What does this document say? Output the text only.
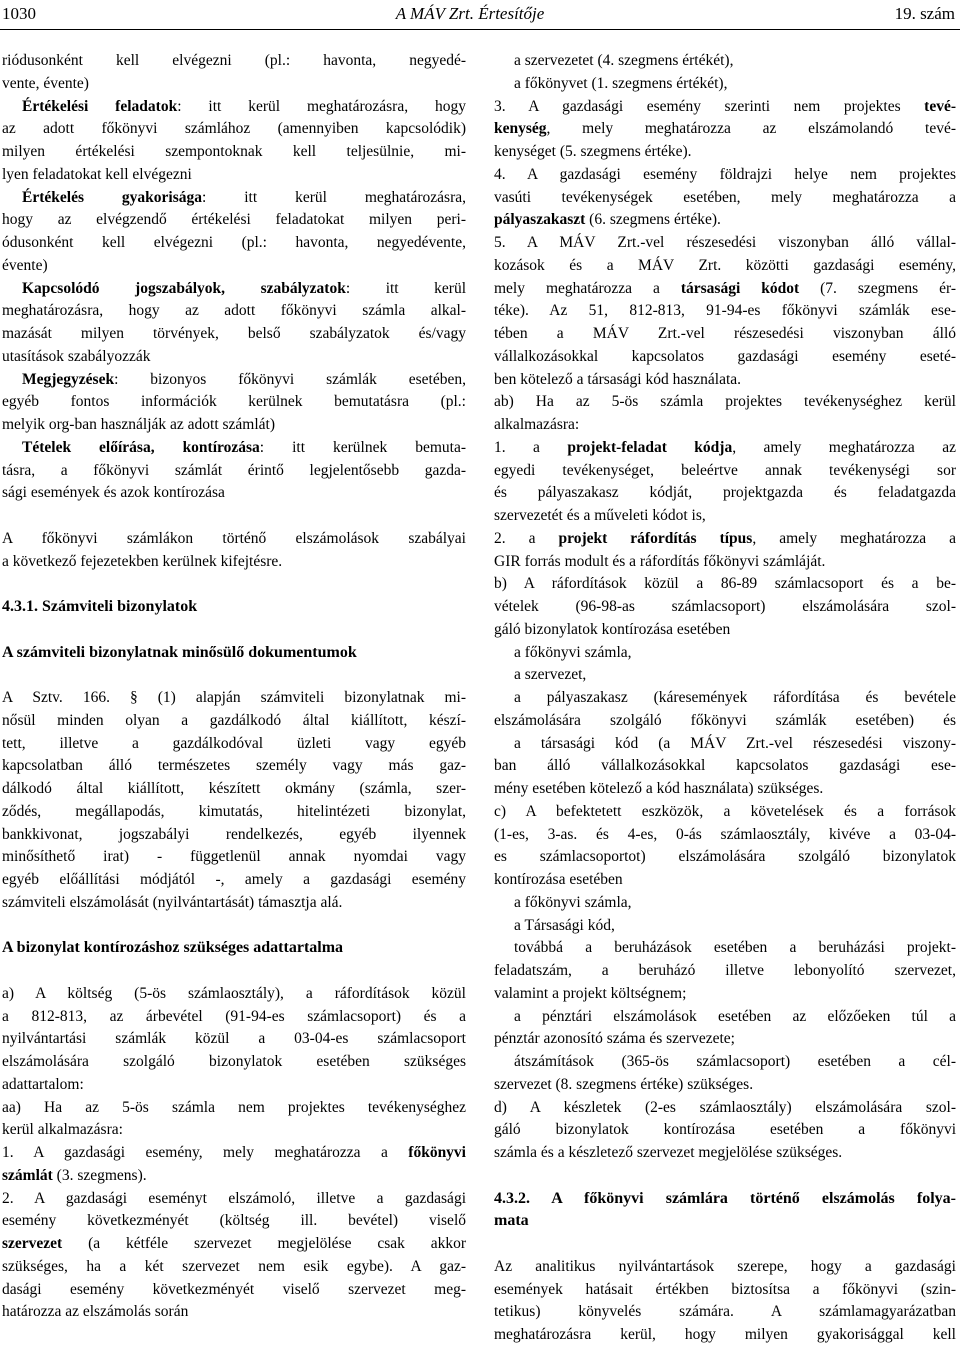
1030	A MÁV Zrt. Értesítője	19. szám
riódusonként kell elvégezni (pl.: havonta, negyedé-
vente, évente)
Értékelési feladatok: itt kerül meghatározásra, hogy
az adott főkönyvi számlához (amennyiben kapcsolódik)
milyen értékelési szempontoknak kell teljesülnie, mi-
lyen feladatokat kell elvégezni
Értékelés gyakorisága: itt kerül meghatározásra,
hogy az elvégzendő értékelési feladatokat milyen peri-
ódusonként kell elvégezni (pl.: havonta, negyedévente,
évente)
Kapcsolódó jogszabályok, szabályzatok: itt kerül
meghatározásra, hogy az adott főkönyvi számla alkal-
mazását milyen törvények, belső szabályzatok és/vagy
utasítások szabályozzák
Megjegyzések: bizonyos főkönyvi számlák esetében,
egyéb fontos információk kerülnek bemutatásra (pl.:
melyik org-ban használják az adott számlát)
Tételek előírása, kontírozása: itt kerülnek bemuta-
tásra, a főkönyvi számlát érintő legjelentősebb gazda-
sági események és azok kontírozása
A főkönyvi számlákon történő elszámolások szabályai
a következő fejezetekben kerülnek kifejtésre.
4.3.1. Számviteli bizonylatok
A számviteli bizonylatnak minősülő dokumentumok
A Sztv. 166. § (1) alapján számviteli bizonylatnak mi-
nősül minden olyan a gazdálkodó által kiállított, készí-
tett, illetve a gazdálkodóval üzleti vagy egyéb
kapcsolatban álló természetes személy vagy más gaz-
dálkodó által kiállított, készített okmány (számla, szer-
ződés, megállapodás, kimutatás, hitelintézeti bizonylat,
bankkivonat, jogszabályi rendelkezés, egyéb ilyennek
minősíthető irat) - függetlenül annak nyomdai vagy
egyéb előállítási módjától -, amely a gazdasági esemény
számviteli elszámolását (nyilvántartását) támasztja alá.
A bizonylat kontírozáshoz szükséges adattartalma
a) A költség (5-ös számlaosztály), a ráfordítások közül
a 812-813, az árbevétel (91-94-es számlacsoport) és a
nyilvántartási számlák közül a 03-04-es számlacsoport
elszámolására szolgáló bizonylatok esetében szükséges
adattartalom:
aa) Ha az 5-ös számla nem projektes tevékenységhez
kerül alkalmazásra:
1. A gazdasági esemény, mely meghatározza a főkönyvi
számlát (3. szegmens).
2. A gazdasági eseményt elszámoló, illetve a gazdasági
esemény következményét (költség ill. bevétel) viselő
szervezet (a kétféle szervezet megjelölése csak akkor
szükséges, ha a két szervezet nem esik egybe). A gaz-
dasági esemény következményét viselő szervezet meg-
határozza az elszámolás során
a szervezetet (4. szegmens értékét),
a főkönyvet (1. szegmens értékét),
3. A gazdasági esemény szerinti nem projektes tevé-
kenység, mely meghatározza az elszámolandó tevé-
kenységet (5. szegmens értéke).
4. A gazdasági esemény földrajzi helye nem projektes
vasúti tevékenységek esetében, mely meghatározza a
pályaszakaszt (6. szegmens értéke).
5. A MÁV Zrt.-vel részesedési viszonyban álló vállal-
kozások és a MÁV Zrt. közötti gazdasági esemény,
mely meghatározza a társasági kódot (7. szegmens ér-
téke). Az 51, 812-813, 91-94-es főkönyvi számlák ese-
tében a MÁV Zrt.-vel részesedési viszonyban álló
vállalkozásokkal kapcsolatos gazdasági esemény eseté-
ben kötelező a társasági kód használata.
ab) Ha az 5-ös számla projektes tevékenységhez kerül
alkalmazásra:
1. a projekt-feladat kódja, amely meghatározza az
egyedi tevékenységet, beleértve annak tevékenységi sor
és pályaszakasz kódját, projektgazda és feladatgazda
szervezetét és a műveleti kódot is,
2. a projekt ráfordítás típus, amely meghatározza a
GIR forrás modult és a ráfordítás főkönyvi számláját.
b) A ráfordítások közül a 86-89 számlacsoport és a be-
vételek (96-98-as számlacsoport) elszámolására szol-
gáló bizonylatok kontírozása esetében
a főkönyvi számla,
a szervezet,
a pályaszakasz (káresemények ráfordítása és bevétele
elszámolására szolgáló főkönyvi számlák esetében) és
a társasági kód (a MÁV Zrt.-vel részesedési viszony-
ban álló vállalkozásokkal kapcsolatos gazdasági ese-
mény esetében kötelező a kód használata) szükséges.
c) A befektetett eszközök, a követelések és a források
(1-es, 3-as. és 4-es, 0-ás számlaosztály, kivéve a 03-04-
es számlacsoportot) elszámolására szolgáló bizonylatok
kontírozása esetében
a főkönyvi számla,
a Társasági kód,
továbbá a beruházások esetében a beruházási projekt-
feladatszám, a beruházó illetve lebonyolító szervezet,
valamint a projekt költségnem;
a pénztári elszámolások esetében az előzőeken túl a
pénztár azonosító száma és szervezete;
átszámítások (365-ös számlacsoport) esetében a cél-
szervezet (8. szegmens értéke) szükséges.
d) A készletek (2-es számlaosztály) elszámolására szol-
gáló bizonylatok kontírozása esetében a főkönyvi
számla és a készletező szervezet megjelölése szükséges.
4.3.2. A főkönyvi számlára történő elszámolás folya-
mata
Az analitikus nyilvántartások szerepe, hogy a gazdasági
események hatásait értékben biztosítsa a főkönyvi (szin-
tetikus) könyvelés számára. A számlamagyarázatban
meghatározásra kerül, hogy milyen gyakorisággal kell
